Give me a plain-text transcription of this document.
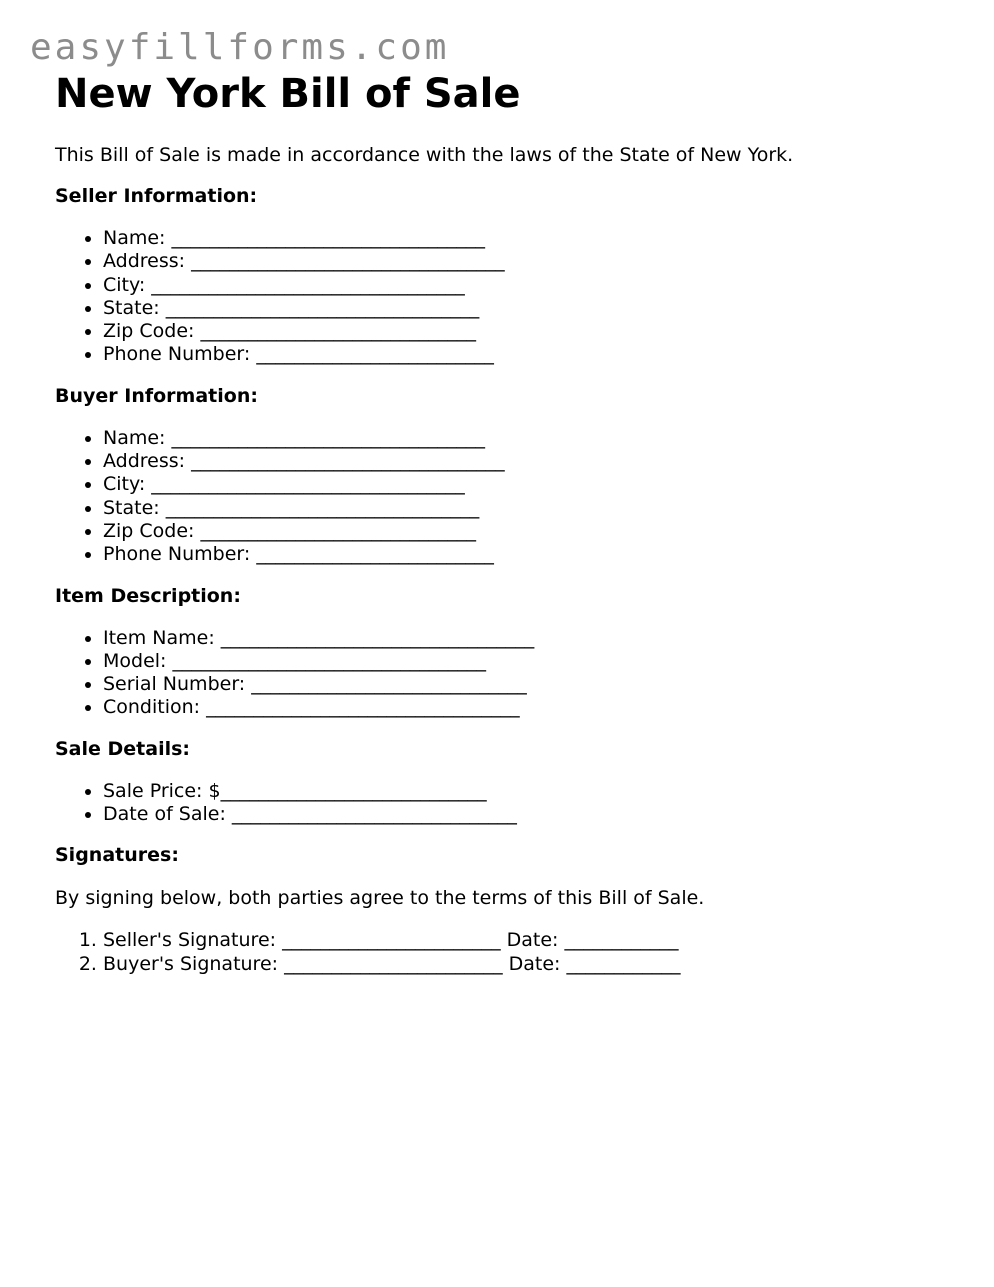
easyfillforms.com
New York Bill of Sale

This Bill of Sale is made in accordance with the laws of the State of New York.

Seller Information:
• Name: _________________________________
• Address: _________________________________
• City: _________________________________
• State: _________________________________
• Zip Code: _____________________________
• Phone Number: _________________________
Buyer Information:
• Name: _________________________________
• Address: _________________________________
• City: _________________________________
• State: _________________________________
• Zip Code: _____________________________
• Phone Number: _________________________
Item Description:
• Item Name: _________________________________
• Model: _________________________________
• Serial Number: _____________________________
• Condition: _________________________________
Sale Details:
• Sale Price: $____________________________
• Date of Sale: ______________________________
Signatures:

By signing below, both parties agree to the terms of this Bill of Sale.

1. Seller's Signature: _______________________ Date: ____________
2. Buyer's Signature: _______________________ Date: ____________
